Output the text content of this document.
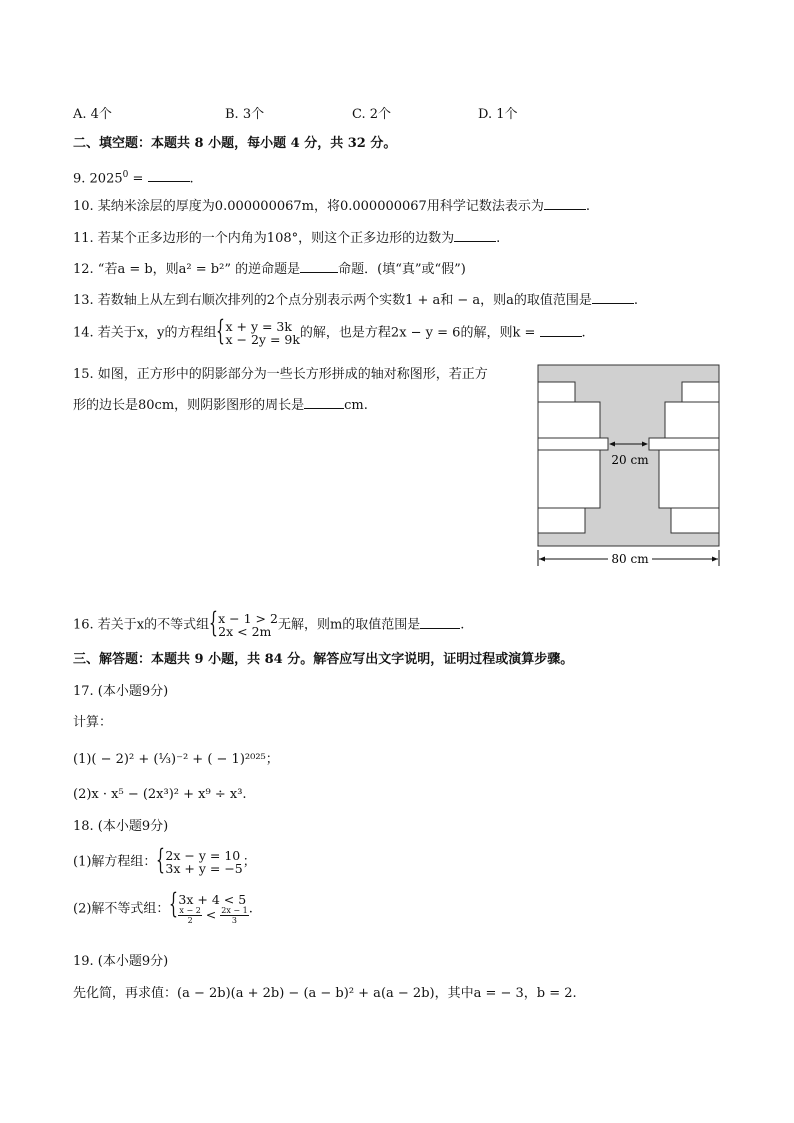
A. 4个	B. 3个	C. 2个	D. 1个
二、填空题：本题共 8 小题，每小题 4 分，共 32 分。
9. $2025^0$ =	.
10. 某纳米涂层的厚度为0.000000067m，将0.000000067用科学记数法表示为	.
11. 若某个正多边形的一个内角为108°，则这个正多边形的边数为	.
12. “若a = b，则a² = b²” 的逆命题是	命题．(填“真”或“假”)
13. 若数轴上从左到右顺次排列的2个点分别表示两个实数1 + a和 − a，则a的取值范围是	.
14. 若关于x，y的方程组 { x + y = 3k
x − 2y = 9k 的解，也是方程2x − y = 6的解，则k =	.
15. 如图，正方形中的阴影部分为一些长方形拼成的轴对称图形，若正方
形的边长是80cm，则阴影图形的周长是	cm.
20 cm
80 cm
16. 若关于x的不等式组 { x − 1 > 2
2x < 2m 无解，则m的取值范围是	.
三、解答题：本题共 9 小题，共 84 分。解答应写出文字说明，证明过程或演算步骤。
17. (本小题9分)
计算：
(1)( − 2)² + (⅓)⁻² + ( − 1)²⁰²⁵；
(2)x · x⁵ − (2x³)² + x⁹ ÷ x³.
18. (本小题9分)
(1)解方程组： { 2x − y = 10
3x + y = −5 ；
(2)解不等式组：
{ 3x + 4 < 5
$\frac{x - 2}{2} < \frac{2x - 1}{3}$ .
19. (本小题9分)
先化简，再求值：(a − 2b)(a + 2b) − (a − b)² + a(a − 2b)，其中a = − 3，b = 2.
